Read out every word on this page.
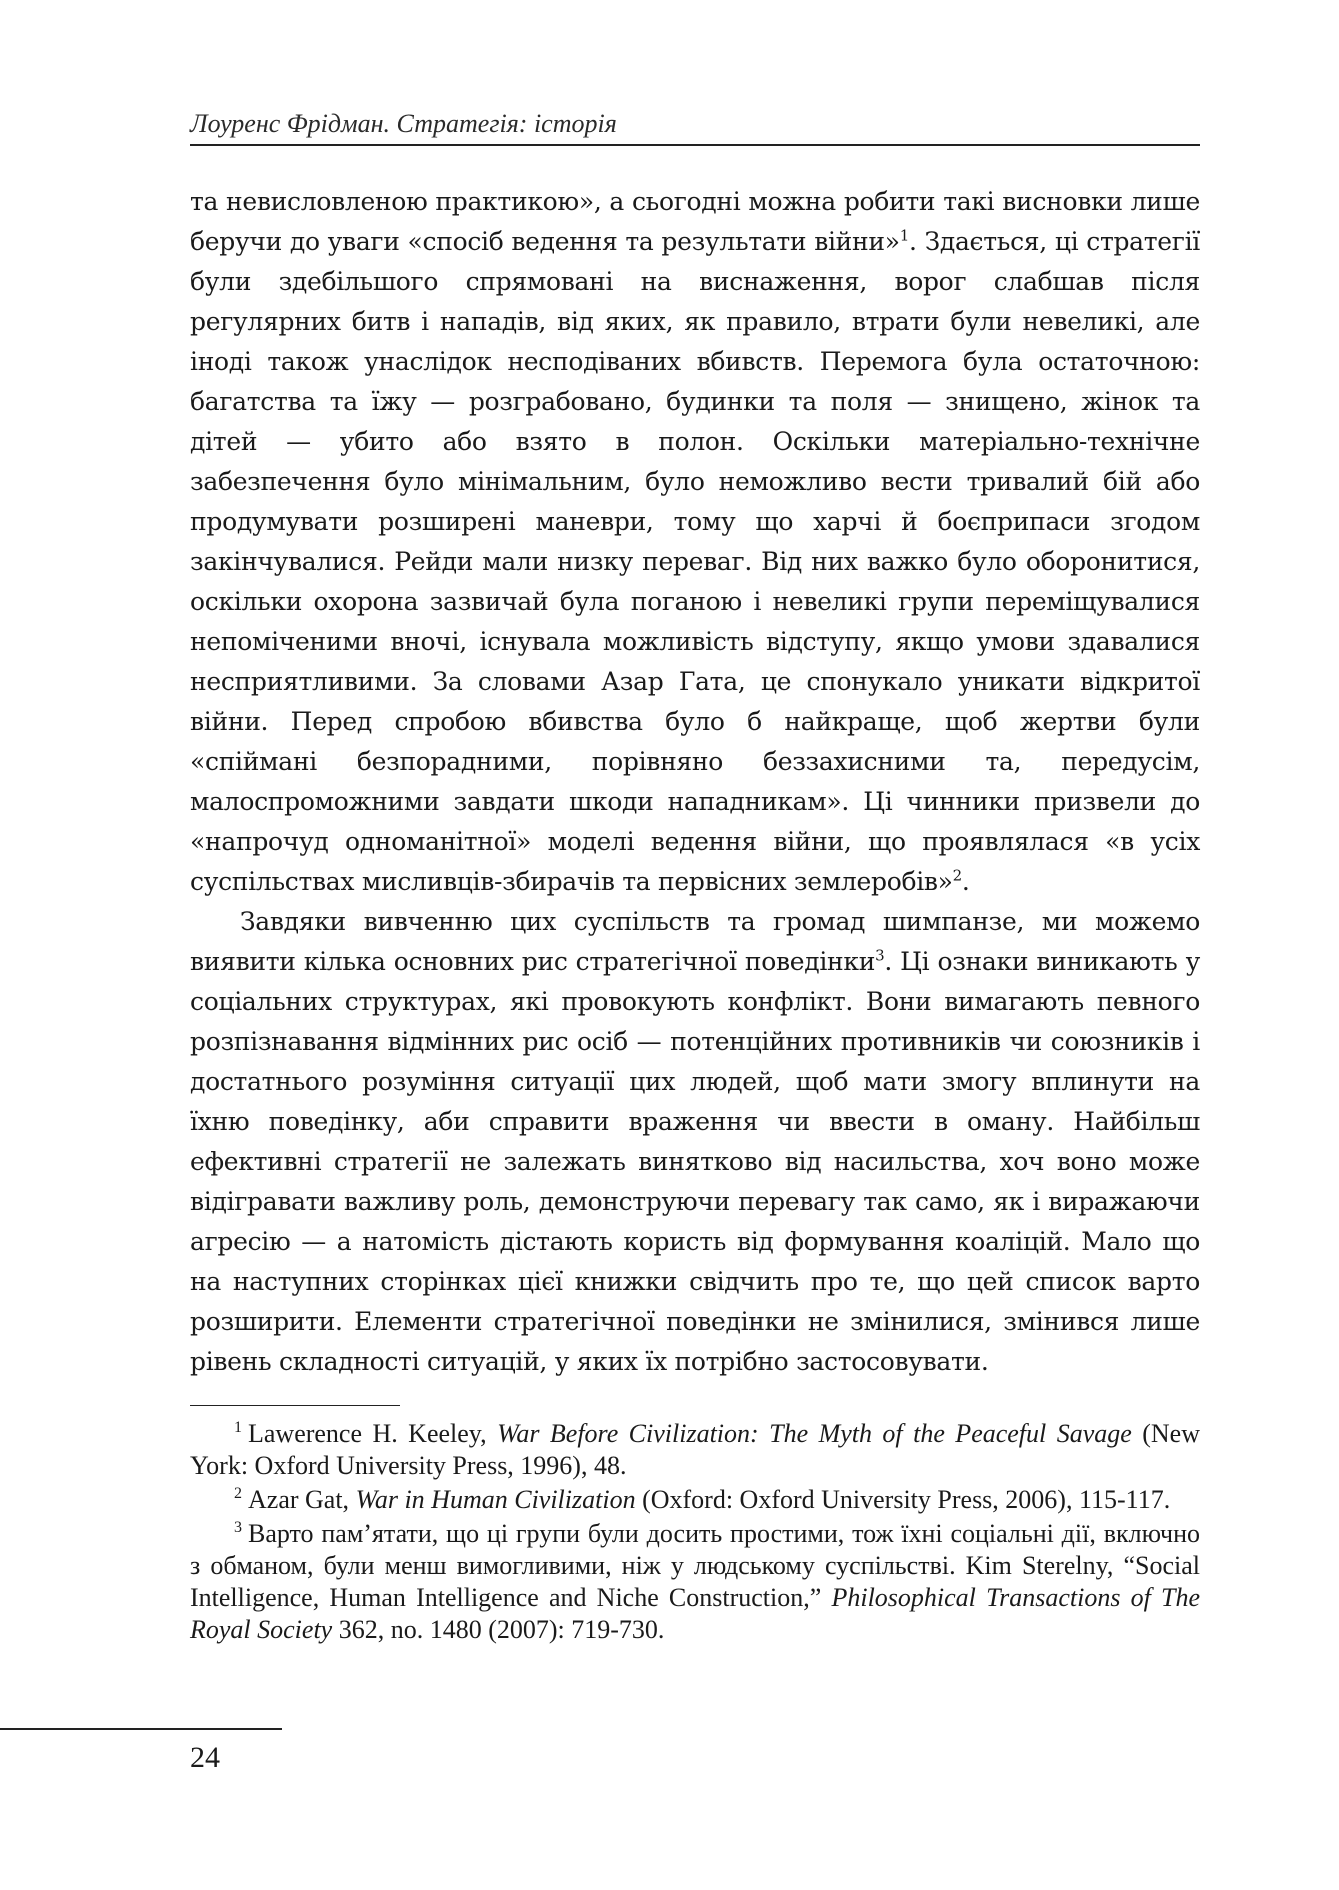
Лоуренс Фрідман. Стратегія: історія

та невисловленою практикою», а сьогодні можна робити такі висновки лише беручи до уваги «спосіб ведення та результати війни»$^1$. Здається, ці стратегії були здебільшого спрямовані на виснаження, ворог слабшав після регулярних битв і нападів, від яких, як правило, втрати були невеликі, але іноді також унаслідок несподіваних вбивств. Перемога була остаточною: багатства та їжу — розграбовано, будинки та поля — знищено, жінок та дітей — убито або взято в полон. Оскільки матеріально-технічне забезпечення було мінімальним, було неможливо вести тривалий бій або продумувати розширені маневри, тому що харчі й боєприпаси згодом закінчувалися. Рейди мали низку переваг. Від них важко було оборонитися, оскільки охорона зазвичай була поганою і невеликі групи переміщувалися непоміченими вночі, існувала можливість відступу, якщо умови здавалися несприятливими. За словами Азар Гата, це спонукало уникати відкритої війни. Перед спробою вбивства було б найкраще, щоб жертви були «спіймані безпорадними, порівняно беззахисними та, передусім, малоспроможними завдати шкоди нападникам». Ці чинники призвели до «напрочуд одноманітної» моделі ведення війни, що проявлялася «в усіх суспільствах мисливців-збирачів та первісних землеробів»$^2$.

Завдяки вивченню цих суспільств та громад шимпанзе, ми можемо виявити кілька основних рис стратегічної поведінки$^3$. Ці ознаки виникають у соціальних структурах, які провокують конфлікт. Вони вимагають певного розпізнавання відмінних рис осіб — потенційних противників чи союзників і достатнього розуміння ситуації цих людей, щоб мати змогу вплинути на їхню поведінку, аби справити враження чи ввести в оману. Найбільш ефективні стратегії не залежать винятково від насильства, хоч воно може відігравати важливу роль, демонструючи перевагу так само, як і виражаючи агресію — а натомість дістають користь від формування коаліцій. Мало що на наступних сторінках цієї книжки свідчить про те, що цей список варто розширити. Елементи стратегічної поведінки не змінилися, змінився лише рівень складності ситуацій, у яких їх потрібно застосовувати.

$^1$ Lawerence H. Keeley, War Before Civilization: The Myth of the Peaceful Savage (New York: Oxford University Press, 1996), 48.

$^2$ Azar Gat, War in Human Civilization (Oxford: Oxford University Press, 2006), 115-117.

$^3$ Варто пам’ятати, що ці групи були досить простими, тож їхні соціальні дії, включно з обманом, були менш вимогливими, ніж у людському суспільстві. Kim Sterelny, “Social Intelligence, Human Intelligence and Niche Construction,” Philosophical Transactions of The Royal Society 362, no. 1480 (2007): 719-730.

24
